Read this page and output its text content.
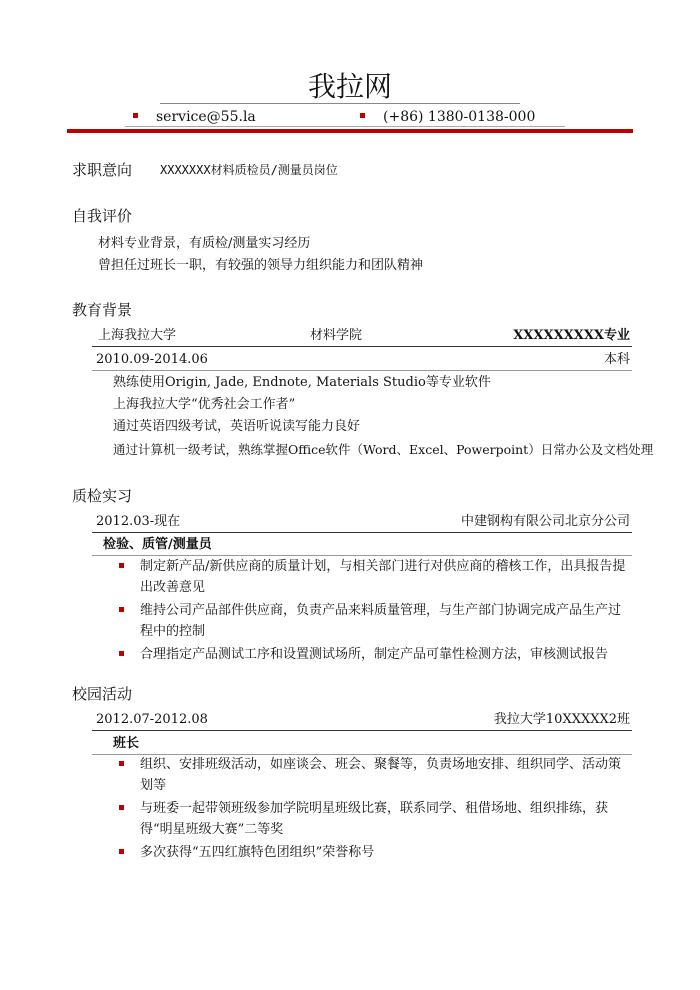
我拉网
service@55.la	(+86) 1380-0138-000
求职意向 XXXXXXX材料质检员/测量员岗位
自我评价
材料专业背景，有质检/测量实习经历
曾担任过班长一职，有较强的领导力组织能力和团队精神
教育背景
上海我拉大学	材料学院	XXXXXXXXX专业
2010.09-2014.06	本科
熟练使用Origin, Jade, Endnote, Materials Studio等专业软件
上海我拉大学“优秀社会工作者”
通过英语四级考试，英语听说读写能力良好
通过计算机一级考试，熟练掌握Office软件（Word、Excel、Powerpoint）日常办公及文档处理
质检实习
2012.03-现在	中建钢构有限公司北京分公司
检验、质管/测量员
制定新产品/新供应商的质量计划，与相关部门进行对供应商的稽核工作，出具报告提出改善意见
维持公司产品部件供应商，负责产品来料质量管理，与生产部门协调完成产品生产过程中的控制
合理指定产品测试工序和设置测试场所，制定产品可靠性检测方法，审核测试报告
校园活动
2012.07-2012.08	我拉大学10XXXXX2班
班长
组织、安排班级活动，如座谈会、班会、聚餐等，负责场地安排、组织同学、活动策划等
与班委一起带领班级参加学院明星班级比赛，联系同学、租借场地、组织排练，获得“明星班级大赛”二等奖
多次获得“五四红旗特色团组织”荣誉称号
